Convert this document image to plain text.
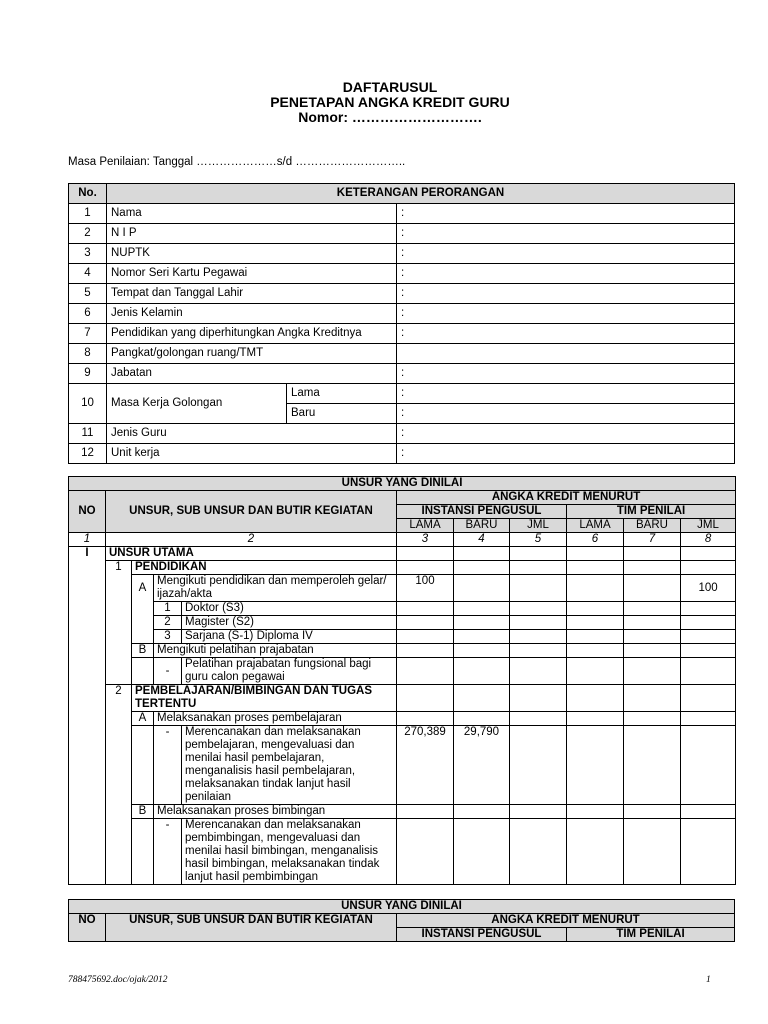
DAFTARUSUL
PENETAPAN ANGKA KREDIT GURU
Nomor: ……………………….
Masa Penilaian: Tanggal …………………s/d ………………………..
No.	KETERANGAN PERORANGAN		
1	Nama		:
2	N I P		:
3	NUPTK		:
4	Nomor Seri Kartu Pegawai		:
5	Tempat dan Tanggal Lahir		:
6	Jenis Kelamin		:
7	Pendidikan yang diperhitungkan Angka Kreditnya		:
8	Pangkat/golongan ruang/TMT		
9	Jabatan		:
10	Masa Kerja Golongan	Lama	:
		Baru	:
11	Jenis Guru		:
12	Unit kerja		:
UNSUR YANG DINILAI										
NO	UNSUR, SUB UNSUR DAN BUTIR KEGIATAN				ANGKA KREDIT MENURUT					
					INSTANSI PENGUSUL			TIM PENILAI		
					LAMA	BARU	JML	LAMA	BARU	JML
1	2				3	4	5	6	7	8
I	UNSUR UTAMA									
	1	PENDIDIKAN								
		A	Mengikuti pendidikan dan memperoleh gelar/ ijazah/akta		100					100
			1	Doktor (S3)						
			2	Magister (S2)						
			3	Sarjana (S-1) Diploma IV						
		B	Mengikuti pelatihan prajabatan							
			-	Pelatihan prajabatan fungsional bagi guru calon pegawai						
	2	PEMBELAJARAN/BIMBINGAN DAN TUGAS TERTENTU								
		A	Melaksanakan proses pembelajaran							
			-	Merencanakan dan melaksanakan pembelajaran, mengevaluasi dan menilai hasil pembelajaran, menganalisis hasil pembelajaran, melaksanakan tindak lanjut hasil penilaian	270,389	29,790				
		B	Melaksanakan proses bimbingan							
			-	Merencanakan dan melaksanakan pembimbingan, mengevaluasi dan menilai hasil bimbingan, menganalisis hasil bimbingan, melaksanakan tindak lanjut hasil pembimbingan						
UNSUR YANG DINILAI			
NO	UNSUR, SUB UNSUR DAN BUTIR KEGIATAN	ANGKA KREDIT MENURUT	
		INSTANSI PENGUSUL	TIM PENILAI
788475692.doc/ojak/2012	1
